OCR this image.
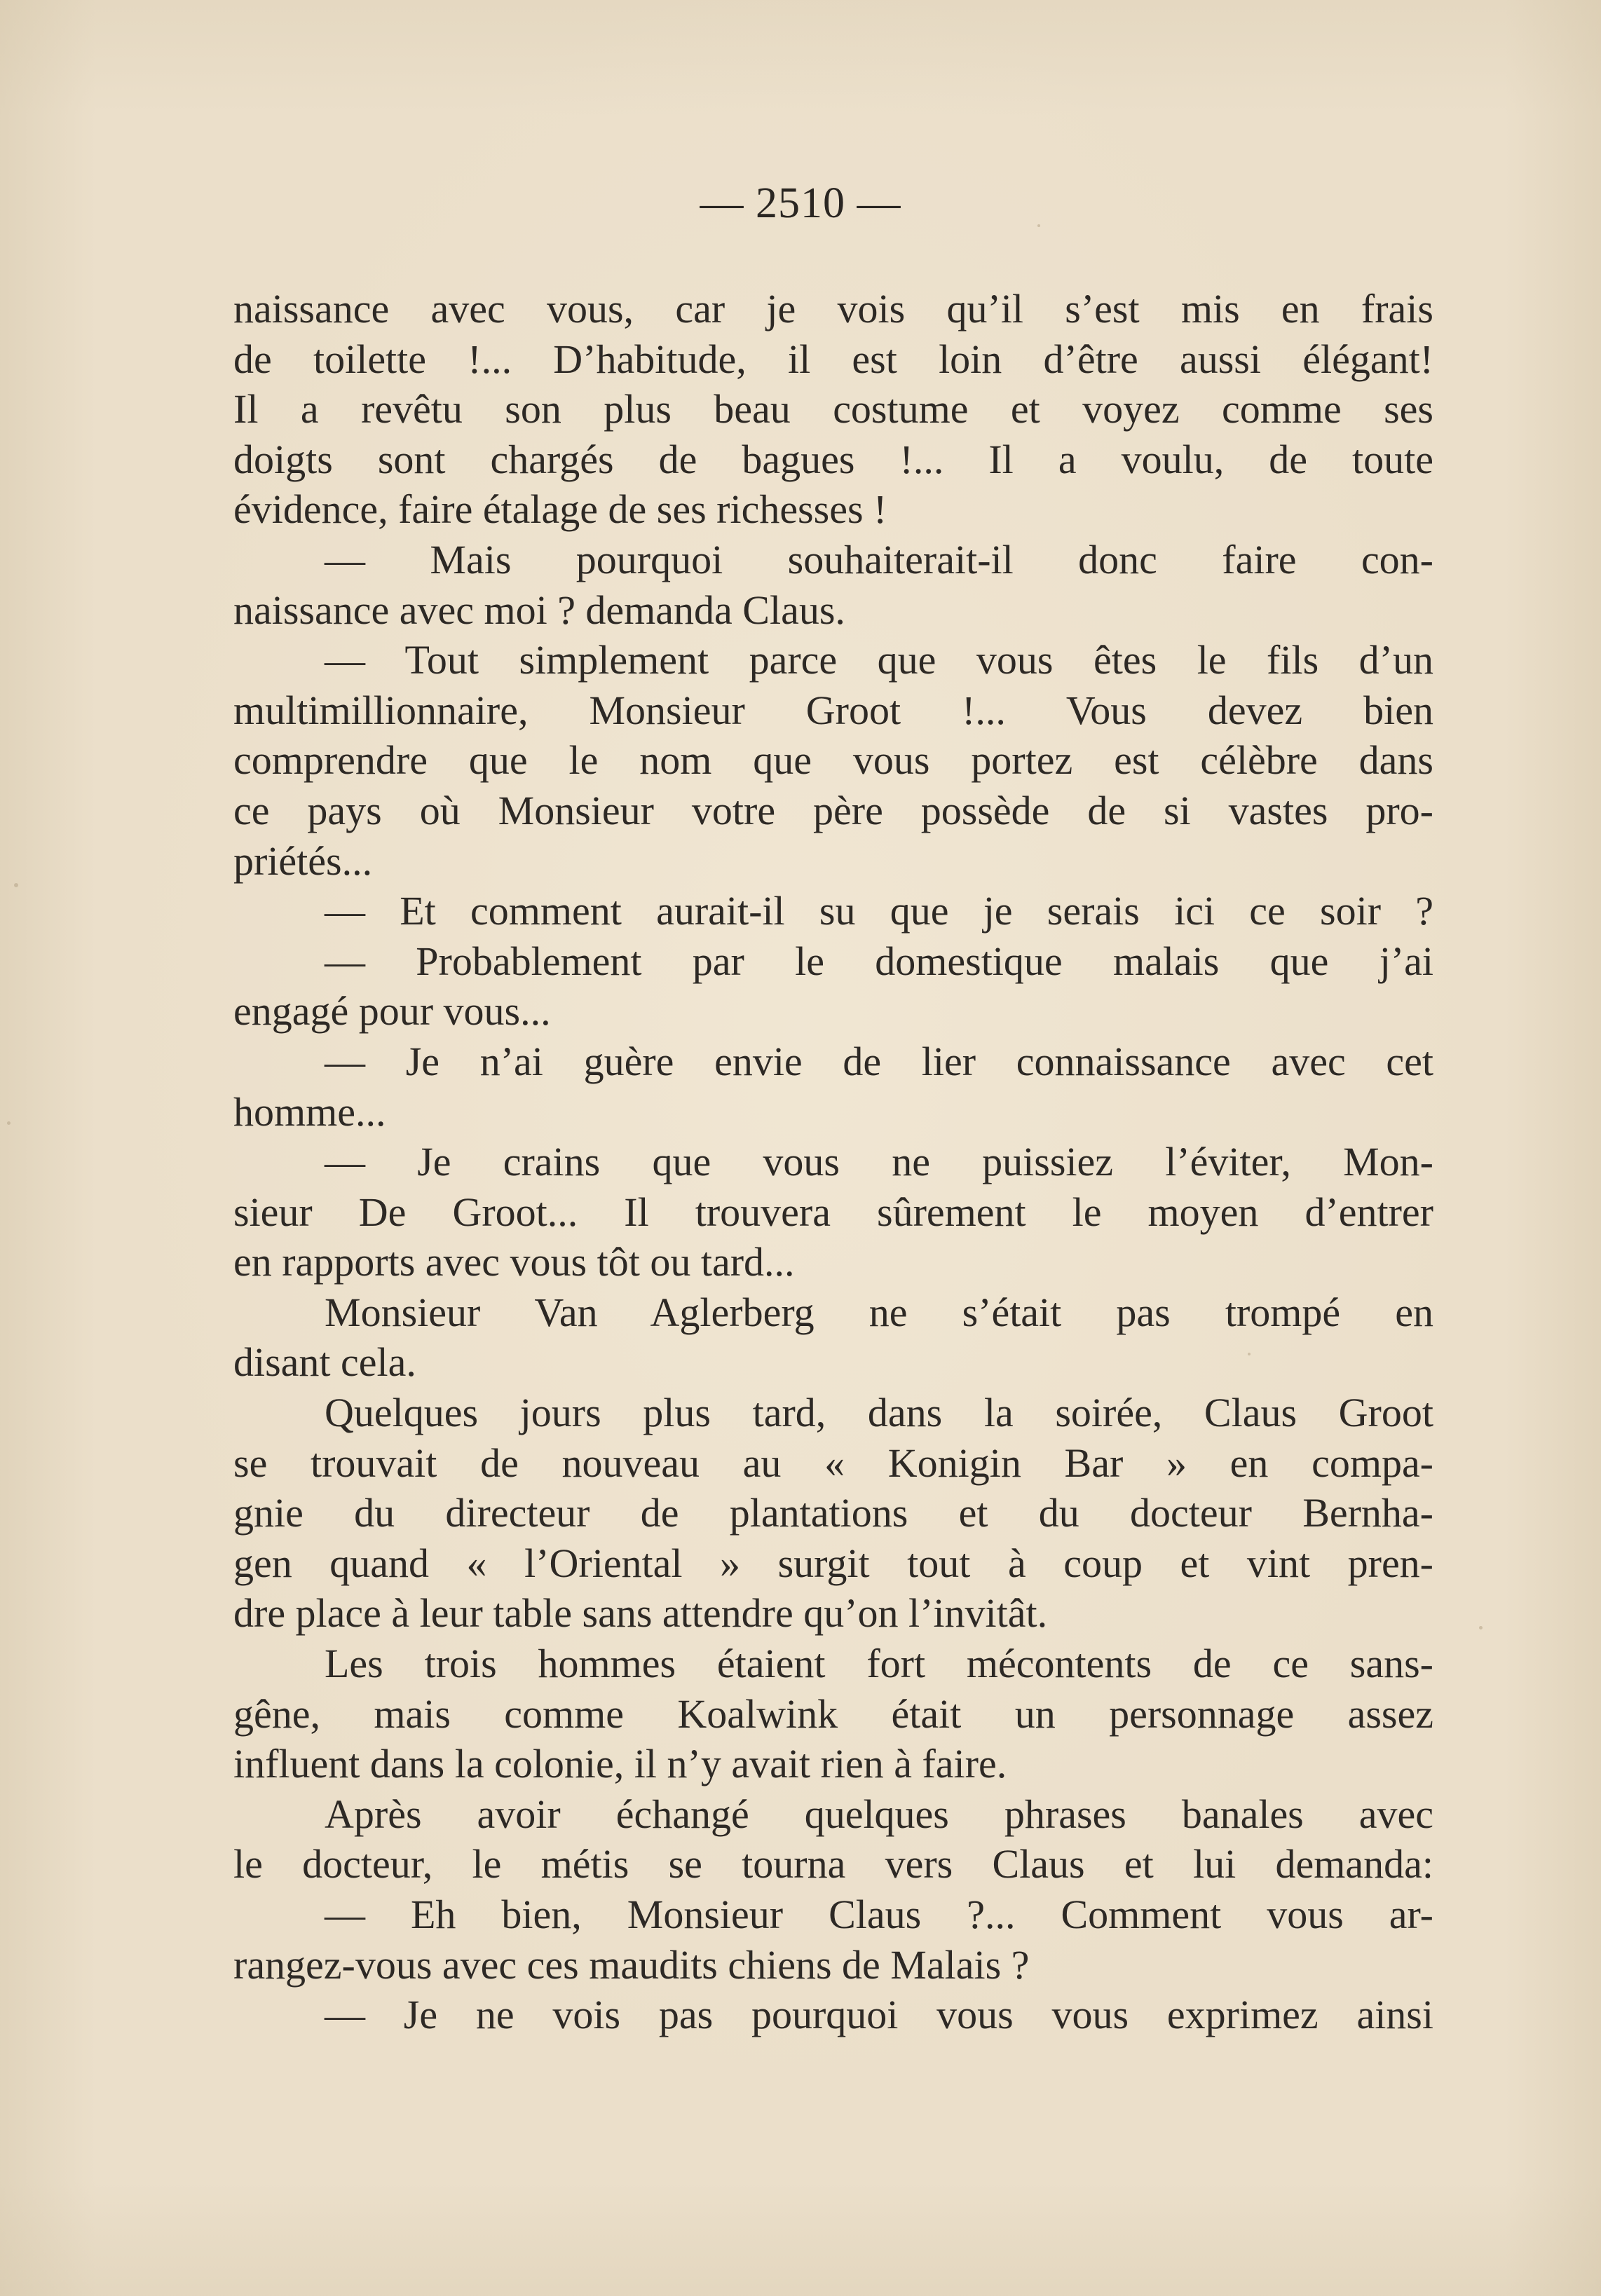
— 2510 —
naissance avec vous, car je vois qu’il s’est mis en frais
de toilette !... D’habitude, il est loin d’être aussi élégant!
Il a revêtu son plus beau costume et voyez comme ses
doigts sont chargés de bagues !... Il a voulu, de toute
évidence, faire étalage de ses richesses !
— Mais pourquoi souhaiterait-il donc faire con-
naissance avec moi ? demanda Claus.
— Tout simplement parce que vous êtes le fils d’un
multimillionnaire, Monsieur Groot !... Vous devez bien
comprendre que le nom que vous portez est célèbre dans
ce pays où Monsieur votre père possède de si vastes pro-
priétés...
— Et comment aurait-il su que je serais ici ce soir ?
— Probablement par le domestique malais que j’ai
engagé pour vous...
— Je n’ai guère envie de lier connaissance avec cet
homme...
— Je crains que vous ne puissiez l’éviter, Mon-
sieur De Groot... Il trouvera sûrement le moyen d’entrer
en rapports avec vous tôt ou tard...
Monsieur Van Aglerberg ne s’était pas trompé en
disant cela.
Quelques jours plus tard, dans la soirée, Claus Groot
se trouvait de nouveau au « Konigin Bar » en compa-
gnie du directeur de plantations et du docteur Bernha-
gen quand « l’Oriental » surgit tout à coup et vint pren-
dre place à leur table sans attendre qu’on l’invitât.
Les trois hommes étaient fort mécontents de ce sans-
gêne, mais comme Koalwink était un personnage assez
influent dans la colonie, il n’y avait rien à faire.
Après avoir échangé quelques phrases banales avec
le docteur, le métis se tourna vers Claus et lui demanda:
— Eh bien, Monsieur Claus ?... Comment vous ar-
rangez-vous avec ces maudits chiens de Malais ?
— Je ne vois pas pourquoi vous vous exprimez ainsi
